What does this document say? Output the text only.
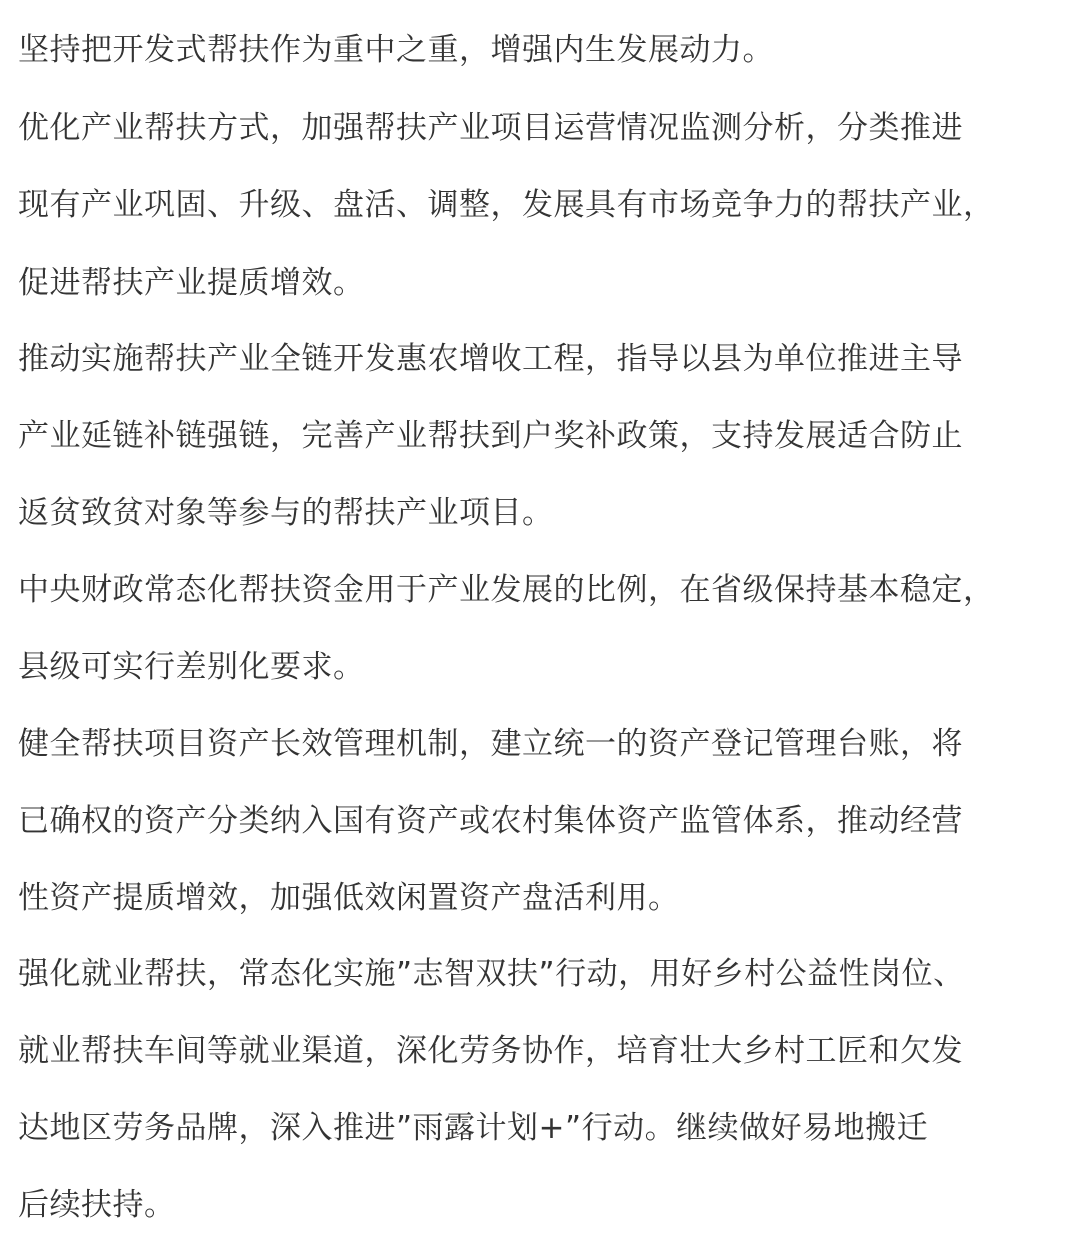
坚持把开发式帮扶作为重中之重，增强内生发展动力。
优化产业帮扶方式，加强帮扶产业项目运营情况监测分析，分类推进
现有产业巩固、升级、盘活、调整，发展具有市场竞争力的帮扶产业，
促进帮扶产业提质增效。
推动实施帮扶产业全链开发惠农增收工程，指导以县为单位推进主导
产业延链补链强链，完善产业帮扶到户奖补政策，支持发展适合防止
返贫致贫对象等参与的帮扶产业项目。
中央财政常态化帮扶资金用于产业发展的比例，在省级保持基本稳定，
县级可实行差别化要求。
健全帮扶项目资产长效管理机制，建立统一的资产登记管理台账，将
已确权的资产分类纳入国有资产或农村集体资产监管体系，推动经营
性资产提质增效，加强低效闲置资产盘活利用。
强化就业帮扶，常态化实施”志智双扶”行动，用好乡村公益性岗位、
就业帮扶车间等就业渠道，深化劳务协作，培育壮大乡村工匠和欠发
达地区劳务品牌，深入推进”雨露计划+”行动。继续做好易地搬迁
后续扶持。
